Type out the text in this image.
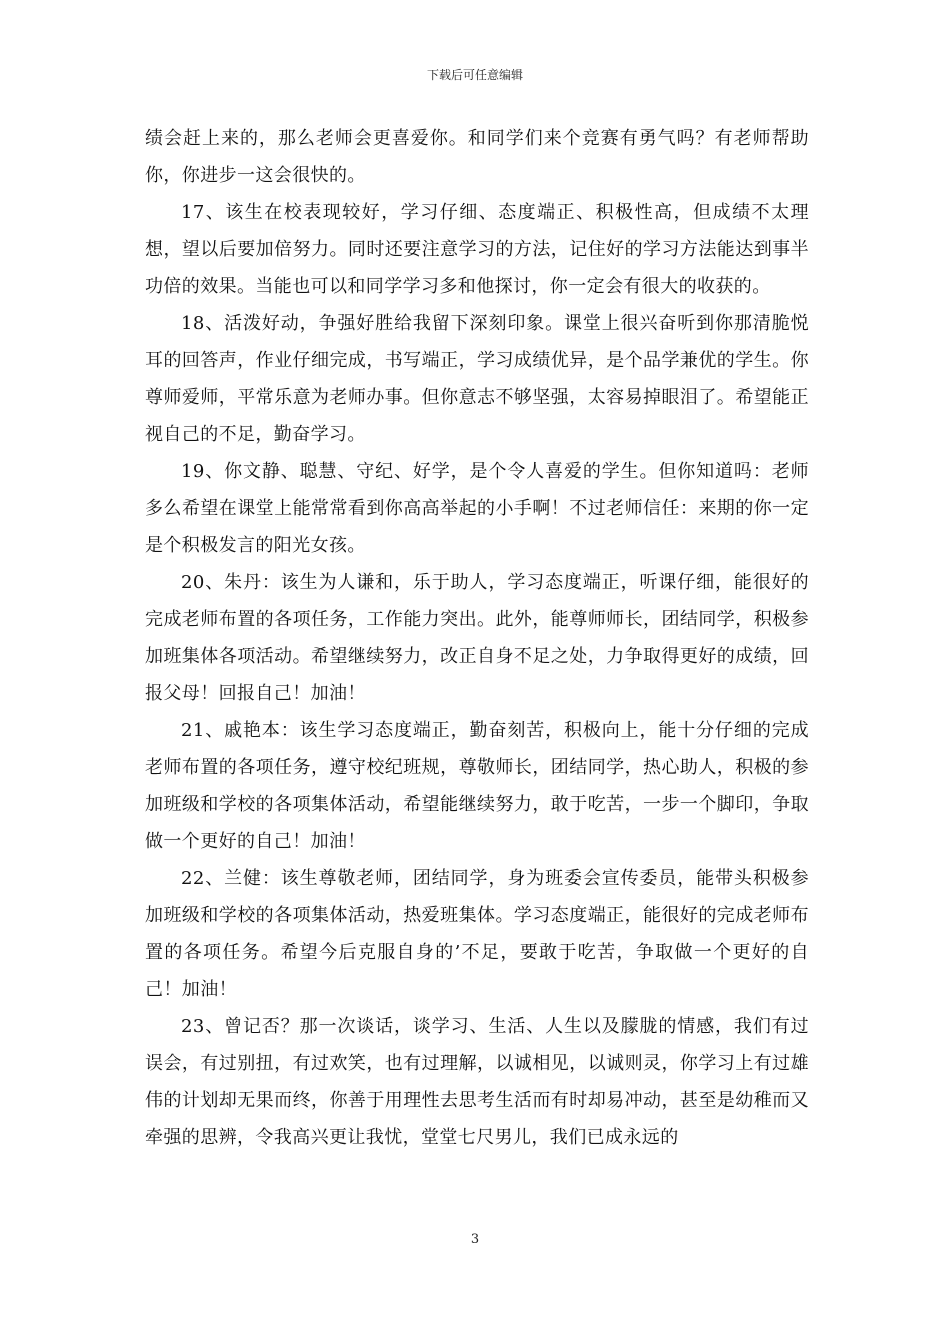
下载后可任意编辑

绩会赶上来的，那么老师会更喜爱你。和同学们来个竞赛有勇气吗？有老师帮助你，你进步一这会很快的。

17、该生在校表现较好，学习仔细、态度端正、积极性高，但成绩不太理想，望以后要加倍努力。同时还要注意学习的方法，记住好的学习方法能达到事半功倍的效果。当能也可以和同学学习多和他探讨，你一定会有很大的收获的。

18、活泼好动，争强好胜给我留下深刻印象。课堂上很兴奋听到你那清脆悦耳的回答声，作业仔细完成，书写端正，学习成绩优异，是个品学兼优的学生。你尊师爱师，平常乐意为老师办事。但你意志不够坚强，太容易掉眼泪了。希望能正视自己的不足，勤奋学习。

19、你文静、聪慧、守纪、好学，是个令人喜爱的学生。但你知道吗：老师多么希望在课堂上能常常看到你高高举起的小手啊！不过老师信任：来期的你一定是个积极发言的阳光女孩。

20、朱丹：该生为人谦和，乐于助人，学习态度端正，听课仔细，能很好的完成老师布置的各项任务，工作能力突出。此外，能尊师师长，团结同学，积极参加班集体各项活动。希望继续努力，改正自身不足之处，力争取得更好的成绩，回报父母！回报自己！加油！

21、戚艳本：该生学习态度端正，勤奋刻苦，积极向上，能十分仔细的完成老师布置的各项任务，遵守校纪班规，尊敬师长，团结同学，热心助人，积极的参加班级和学校的各项集体活动，希望能继续努力，敢于吃苦，一步一个脚印，争取做一个更好的自己！加油！

22、兰健：该生尊敬老师，团结同学，身为班委会宣传委员，能带头积极参加班级和学校的各项集体活动，热爱班集体。学习态度端正，能很好的完成老师布置的各项任务。希望今后克服自身的’不足，要敢于吃苦，争取做一个更好的自己！加油！

23、曾记否？那一次谈话，谈学习、生活、人生以及朦胧的情感，我们有过误会，有过别扭，有过欢笑，也有过理解，以诚相见，以诚则灵，你学习上有过雄伟的计划却无果而终，你善于用理性去思考生活而有时却易冲动，甚至是幼稚而又牵强的思辨，令我高兴更让我忧，堂堂七尺男儿，我们已成永远的

3
